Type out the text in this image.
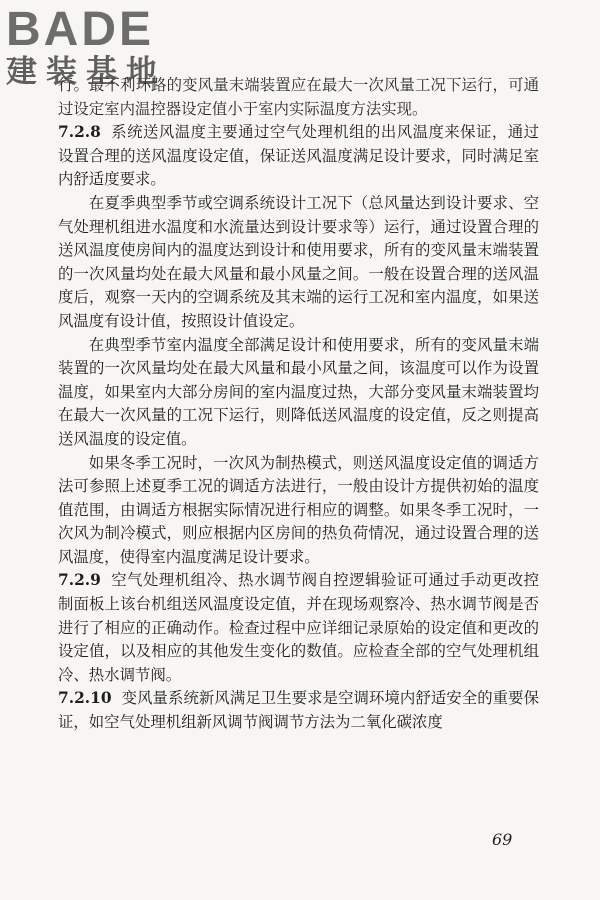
BADE
建装基地

行。最不利环路的变风量末端装置应在最大一次风量工况下运行，可通过设定室内温控器设定值小于室内实际温度方法实现。

7.2.8 系统送风温度主要通过空气处理机组的出风温度来保证，通过设置合理的送风温度设定值，保证送风温度满足设计要求，同时满足室内舒适度要求。

在夏季典型季节或空调系统设计工况下（总风量达到设计要求、空气处理机组进水温度和水流量达到设计要求等）运行，通过设置合理的送风温度使房间内的温度达到设计和使用要求，所有的变风量末端装置的一次风量均处在最大风量和最小风量之间。一般在设置合理的送风温度后，观察一天内的空调系统及其末端的运行工况和室内温度，如果送风温度有设计值，按照设计值设定。

在典型季节室内温度全部满足设计和使用要求，所有的变风量末端装置的一次风量均处在最大风量和最小风量之间，该温度可以作为设置温度，如果室内大部分房间的室内温度过热，大部分变风量末端装置均在最大一次风量的工况下运行，则降低送风温度的设定值，反之则提高送风温度的设定值。

如果冬季工况时，一次风为制热模式，则送风温度设定值的调适方法可参照上述夏季工况的调适方法进行，一般由设计方提供初始的温度值范围，由调适方根据实际情况进行相应的调整。如果冬季工况时，一次风为制冷模式，则应根据内区房间的热负荷情况，通过设置合理的送风温度，使得室内温度满足设计要求。

7.2.9 空气处理机组冷、热水调节阀自控逻辑验证可通过手动更改控制面板上该台机组送风温度设定值，并在现场观察冷、热水调节阀是否进行了相应的正确动作。检查过程中应详细记录原始的设定值和更改的设定值，以及相应的其他发生变化的数值。应检查全部的空气处理机组冷、热水调节阀。

7.2.10 变风量系统新风满足卫生要求是空调环境内舒适安全的重要保证，如空气处理机组新风调节阀调节方法为二氧化碳浓度

69
